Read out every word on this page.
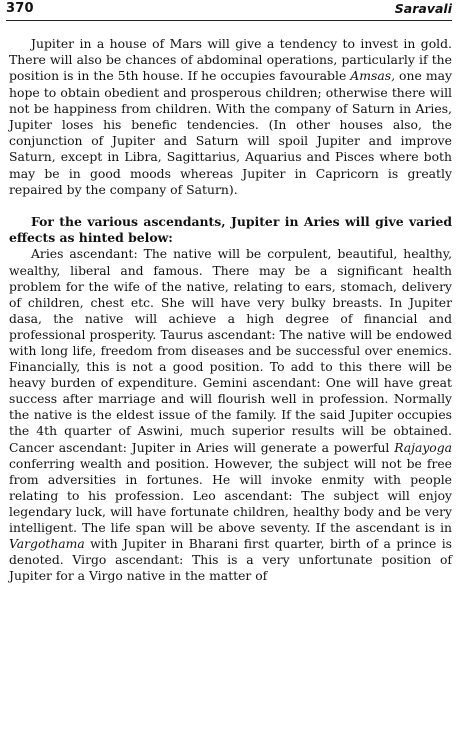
370	Saravali

Jupiter in a house of Mars will give a tendency to invest in gold. There will also be chances of abdominal operations, particularly if the position is in the 5th house. If he occupies favourable Amsas, one may hope to obtain obedient and prosperous children; otherwise there will not be happiness from children. With the company of Saturn in Aries, Jupiter loses his benefic tendencies. (In other houses also, the conjunction of Jupiter and Saturn will spoil Jupiter and improve Saturn, except in Libra, Sagittarius, Aquarius and Pisces where both may be in good moods whereas Jupiter in Capricorn is greatly repaired by the company of Saturn).

For the various ascendants, Jupiter in Aries will give varied effects as hinted below:

Aries ascendant: The native will be corpulent, beautiful, healthy, wealthy, liberal and famous. There may be a significant health problem for the wife of the native, relating to ears, stomach, delivery of children, chest etc. She will have very bulky breasts. In Jupiter dasa, the native will achieve a high degree of financial and professional prosperity. Taurus ascendant: The native will be endowed with long life, freedom from diseases and be successful over enemics. Financially, this is not a good position. To add to this there will be heavy burden of expenditure. Gemini ascendant: One will have great success after marriage and will flourish well in profession. Normally the native is the eldest issue of the family. If the said Jupiter occupies the 4th quarter of Aswini, much superior results will be obtained. Cancer ascendant: Jupiter in Aries will generate a powerful Rajayoga conferring wealth and position. However, the subject will not be free from adversities in fortunes. He will invoke enmity with people relating to his profession. Leo ascendant: The subject will enjoy legendary luck, will have fortunate children, healthy body and be very intelligent. The life span will be above seventy. If the ascendant is in Vargothama with Jupiter in Bharani first quarter, birth of a prince is denoted. Virgo ascendant: This is a very unfortunate position of Jupiter for a Virgo native in the matter of
